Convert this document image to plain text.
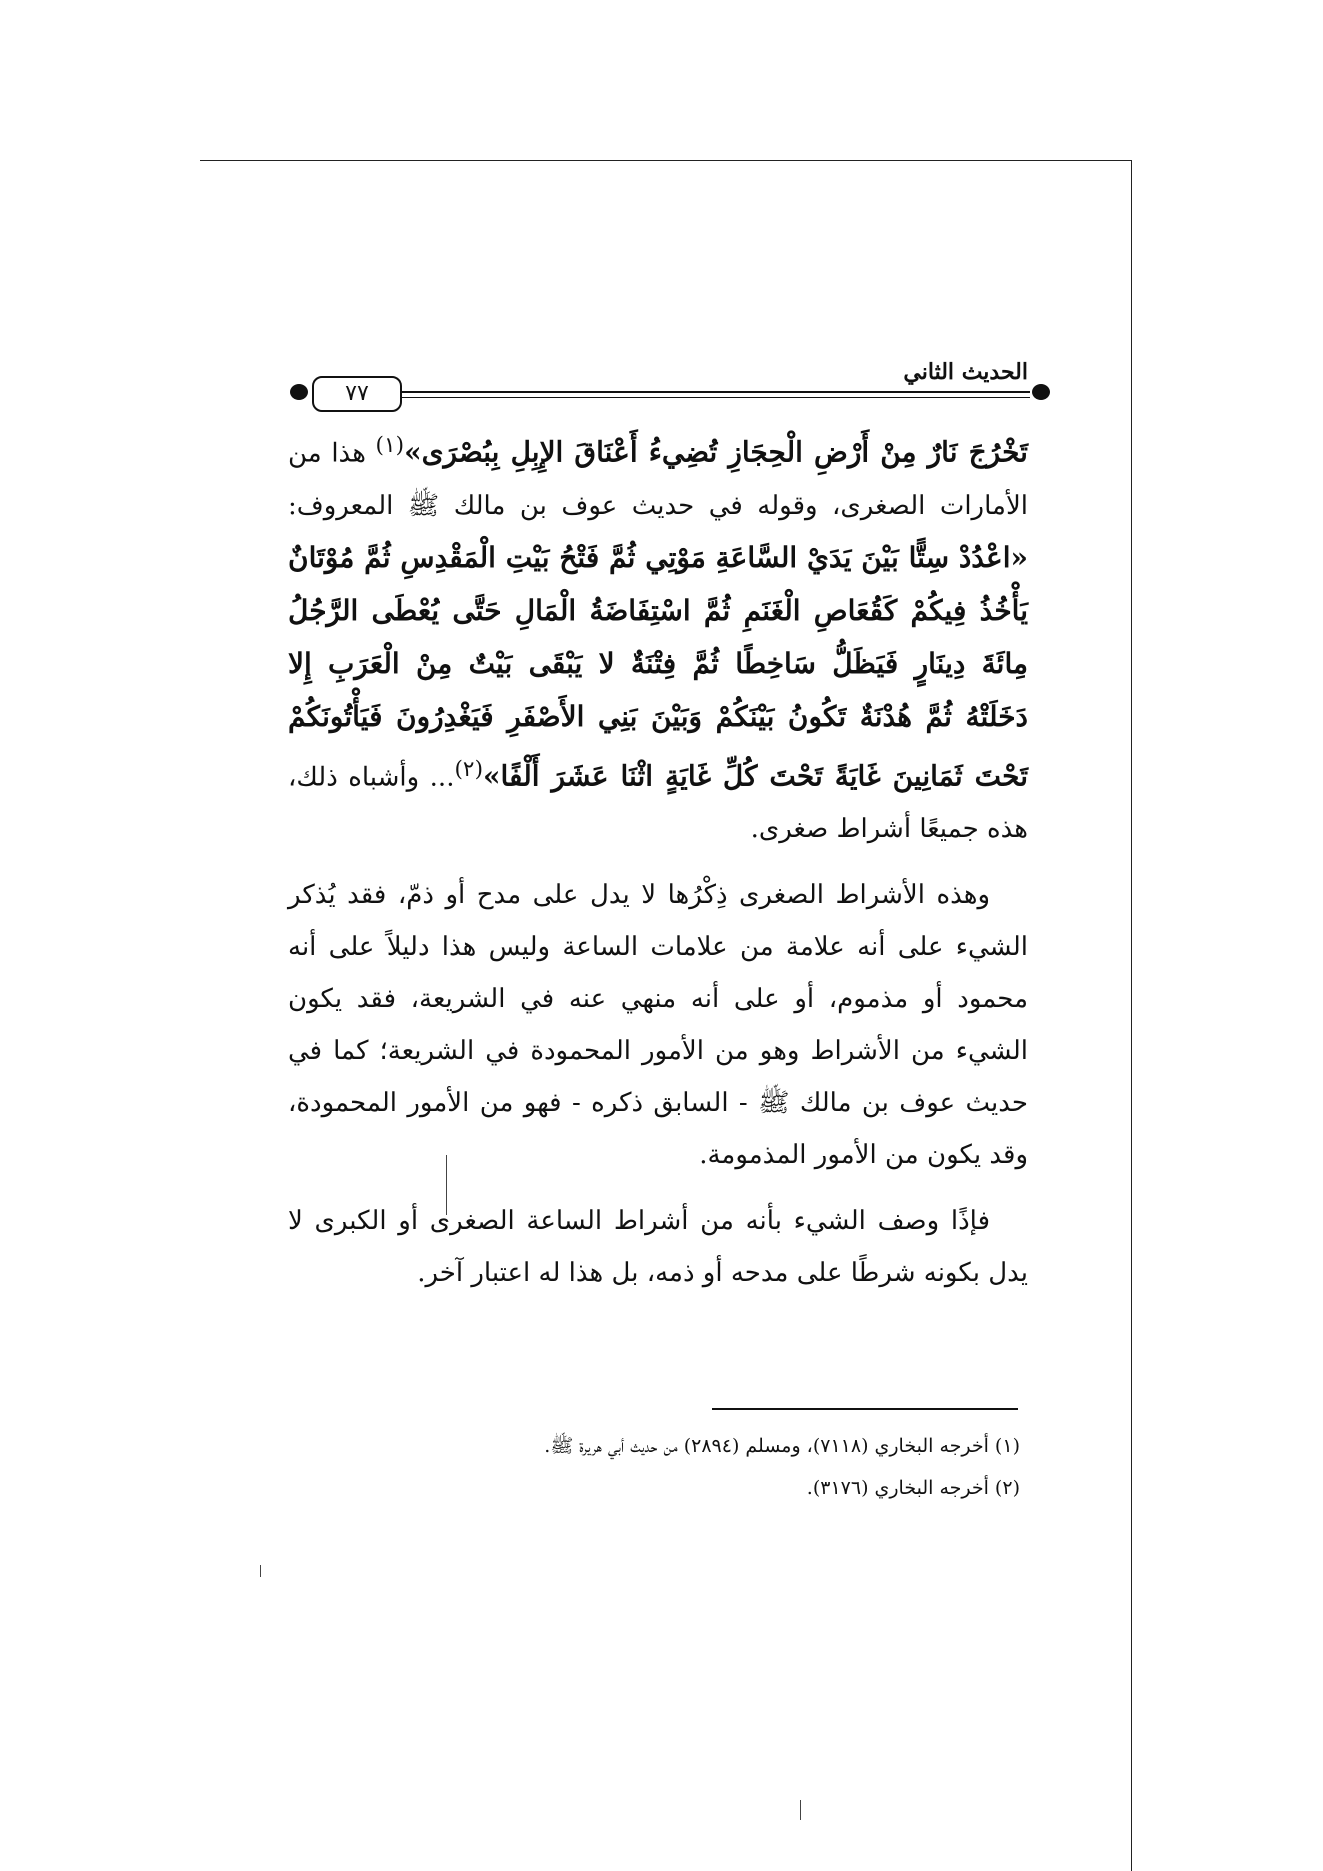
٧٧
الحديث الثاني

تَخْرُجَ نَارٌ مِنْ أَرْضِ الْحِجَازِ تُضِيءُ أَعْنَاقَ الإِبِلِ بِبُصْرَى»$^{(١)}$ هذا من الأمارات الصغرى، وقوله في حديث عوف بن مالك ﷺ المعروف: «اعْدُدْ سِتًّا بَيْنَ يَدَيْ السَّاعَةِ مَوْتِي ثُمَّ فَتْحُ بَيْتِ الْمَقْدِسِ ثُمَّ مُوْتَانٌ يَأْخُذُ فِيكُمْ كَقُعَاصِ الْغَنَمِ ثُمَّ اسْتِفَاضَةُ الْمَالِ حَتَّى يُعْطَى الرَّجُلُ مِائَةَ دِينَارٍ فَيَظَلُّ سَاخِطًا ثُمَّ فِتْنَةٌ لا يَبْقَى بَيْتٌ مِنْ الْعَرَبِ إِلا دَخَلَتْهُ ثُمَّ هُدْنَةٌ تَكُونُ بَيْنَكُمْ وَبَيْنَ بَنِي الأَصْفَرِ فَيَغْدِرُونَ فَيَأْتُونَكُمْ تَحْتَ ثَمَانِينَ غَايَةً تَحْتَ كُلِّ غَايَةٍ اثْنَا عَشَرَ أَلْفًا»$^{(٢)}$... وأشباه ذلك، هذه جميعًا أشراط صغرى.

وهذه الأشراط الصغرى ذِكْرُها لا يدل على مدح أو ذمّ، فقد يُذكر الشيء على أنه علامة من علامات الساعة وليس هذا دليلاً على أنه محمود أو مذموم، أو على أنه منهي عنه في الشريعة، فقد يكون الشيء من الأشراط وهو من الأمور المحمودة في الشريعة؛ كما في حديث عوف بن مالك ﷺ - السابق ذكره - فهو من الأمور المحمودة، وقد يكون من الأمور المذمومة.

فإذًا وصف الشيء بأنه من أشراط الساعة الصغرى أو الكبرى لا يدل بكونه شرطًا على مدحه أو ذمه، بل هذا له اعتبار آخر.

(١) أخرجه البخاري (٧١١٨)، ومسلم (٢٨٩٤) من حديث أبي هريرة ﷺ.

(٢) أخرجه البخاري (٣١٧٦).
